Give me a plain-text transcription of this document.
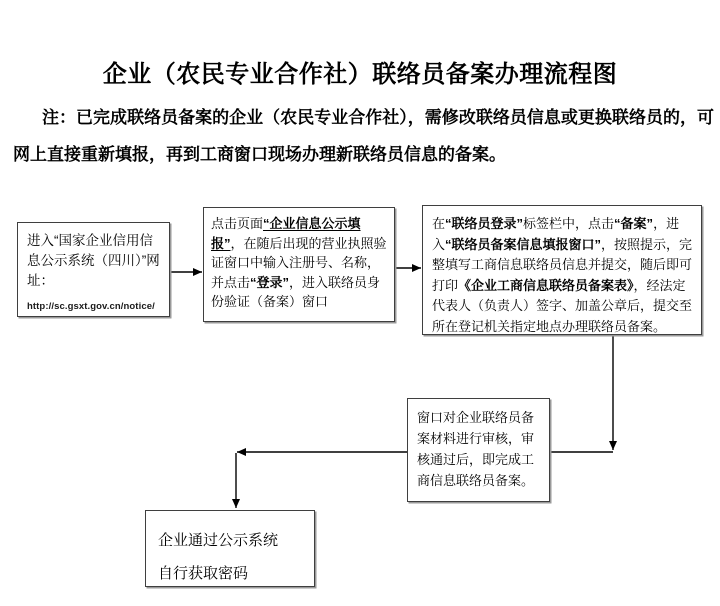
企业（农民专业合作社）联络员备案办理流程图

注：已完成联络员备案的企业（农民专业合作社），需修改联络员信息或更换联络员的，可网上直接重新填报，再到工商窗口现场办理新联络员信息的备案。

进入“国家企业信用信息公示系统（四川）”网址：
http://sc.gsxt.gov.cn/notice/
点击页面“企业信息公示填报”，在随后出现的营业执照验证窗口中输入注册号、名称，并点击“登录”，进入联络员身份验证（备案）窗口
在“联络员登录”标签栏中，点击“备案”，进入“联络员备案信息填报窗口”，按照提示，完整填写工商信息联络员信息并提交，随后即可打印《企业工商信息联络员备案表》，经法定代表人（负责人）签字、加盖公章后，提交至所在登记机关指定地点办理联络员备案。
窗口对企业联络员备案材料进行审核，审核通过后，即完成工商信息联络员备案。
企业通过公示系统
自行获取密码
